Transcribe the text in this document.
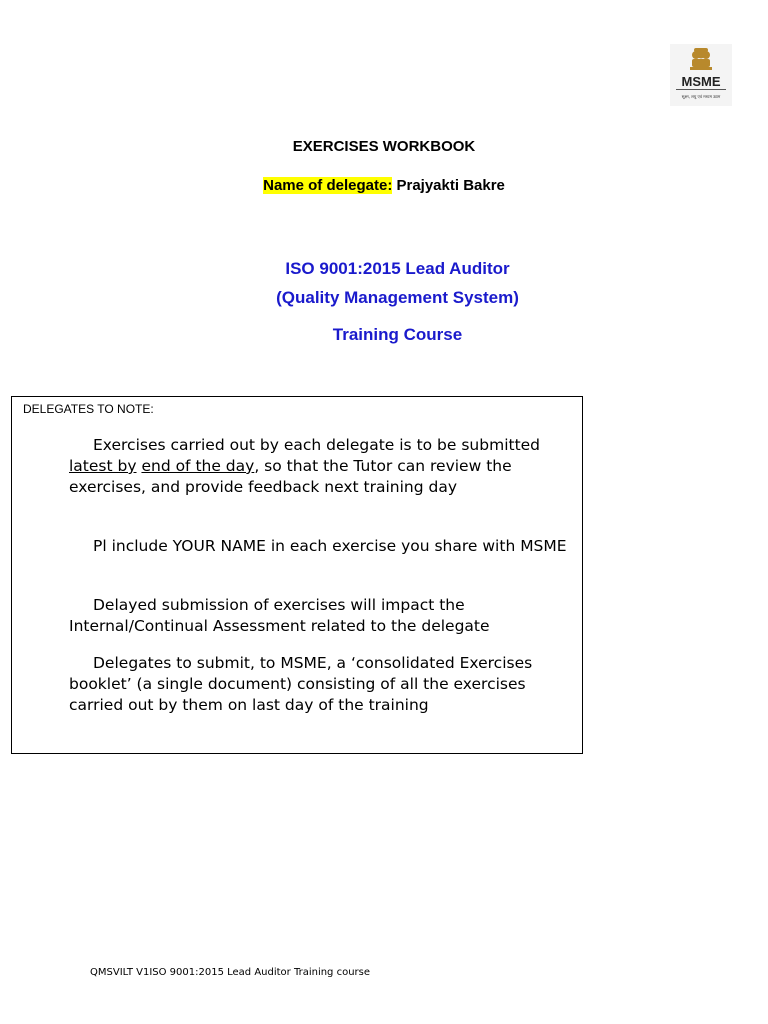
MSME
सूक्ष्म, लघु एवं मध्यम उद्यम
EXERCISES WORKBOOK
Name of delegate: Prajyakti Bakre
ISO 9001:2015 Lead Auditor
(Quality Management System)
Training Course
DELEGATES TO NOTE:
Exercises carried out by each delegate is to be submitted latest by end of the day, so that the Tutor can review the exercises, and provide feedback next training day
Pl include YOUR NAME in each exercise you share with MSME
Delayed submission of exercises will impact the Internal/Continual Assessment related to the delegate
Delegates to submit, to MSME, a ‘consolidated Exercises booklet’ (a single document) consisting of all the exercises carried out by them on last day of the training
QMSVILT V1ISO 9001:2015 Lead Auditor Training course
